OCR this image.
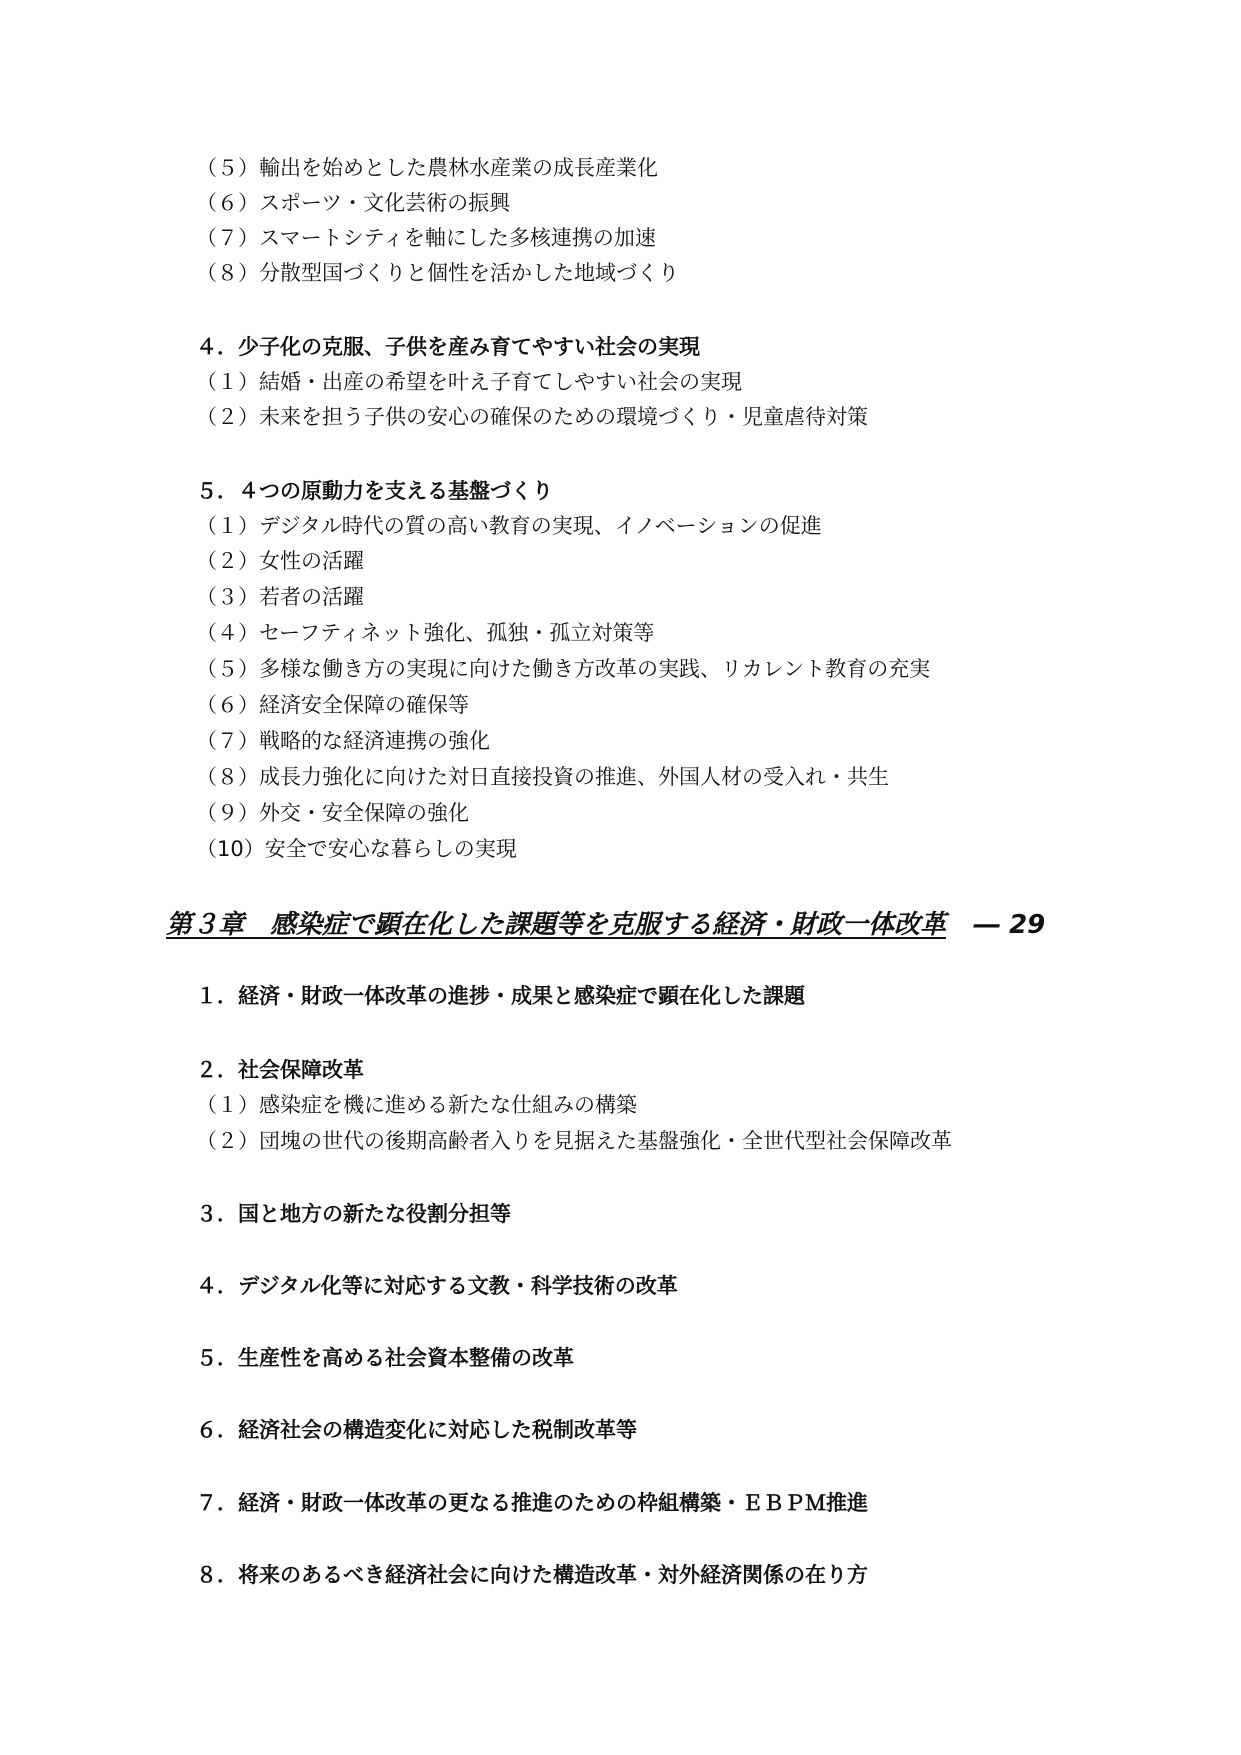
（５）輸出を始めとした農林水産業の成長産業化
（６）スポーツ・文化芸術の振興
（７）スマートシティを軸にした多核連携の加速
（８）分散型国づくりと個性を活かした地域づくり
４．少子化の克服、子供を産み育てやすい社会の実現
（１）結婚・出産の希望を叶え子育てしやすい社会の実現
（２）未来を担う子供の安心の確保のための環境づくり・児童虐待対策
５．４つの原動力を支える基盤づくり
（１）デジタル時代の質の高い教育の実現、イノベーションの促進
（２）女性の活躍
（３）若者の活躍
（４）セーフティネット強化、孤独・孤立対策等
（５）多様な働き方の実現に向けた働き方改革の実践、リカレント教育の充実
（６）経済安全保障の確保等
（７）戦略的な経済連携の強化
（８）成長力強化に向けた対日直接投資の推進、外国人材の受入れ・共生
（９）外交・安全保障の強化
（10）安全で安心な暮らしの実現
第３章　感染症で顕在化した課題等を克服する経済・財政一体改革 ― 29
１．経済・財政一体改革の進捗・成果と感染症で顕在化した課題
２．社会保障改革
（１）感染症を機に進める新たな仕組みの構築
（２）団塊の世代の後期高齢者入りを見据えた基盤強化・全世代型社会保障改革
３．国と地方の新たな役割分担等
４．デジタル化等に対応する文教・科学技術の改革
５．生産性を高める社会資本整備の改革
６．経済社会の構造変化に対応した税制改革等
７．経済・財政一体改革の更なる推進のための枠組構築・ＥＢＰＭ推進
８．将来のあるべき経済社会に向けた構造改革・対外経済関係の在り方
